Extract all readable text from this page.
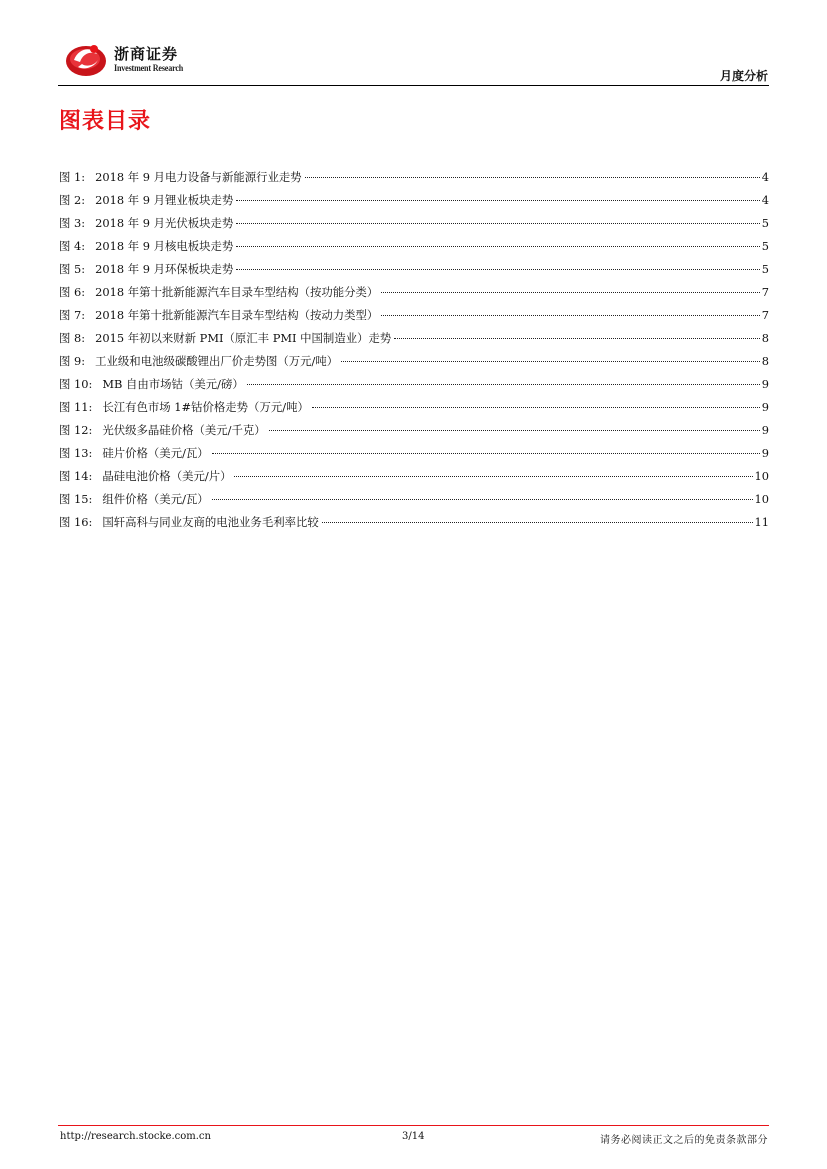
浙商证券
Investment Research
月度分析
图表目录
图 1: 2018 年 9 月电力设备与新能源行业走势	4
图 2: 2018 年 9 月锂业板块走势	4
图 3: 2018 年 9 月光伏板块走势	5
图 4: 2018 年 9 月核电板块走势	5
图 5: 2018 年 9 月环保板块走势	5
图 6: 2018 年第十批新能源汽车目录车型结构（按功能分类）	7
图 7: 2018 年第十批新能源汽车目录车型结构（按动力类型）	7
图 8: 2015 年初以来财新 PMI（原汇丰 PMI 中国制造业）走势	8
图 9: 工业级和电池级碳酸锂出厂价走势图（万元/吨）	8
图 10: MB 自由市场钴（美元/磅）	9
图 11: 长江有色市场 1#钴价格走势（万元/吨）	9
图 12: 光伏级多晶硅价格（美元/千克）	9
图 13: 硅片价格（美元/瓦）	9
图 14: 晶硅电池价格（美元/片）	10
图 15: 组件价格（美元/瓦）	10
图 16: 国轩高科与同业友商的电池业务毛利率比较	11
http://research.stocke.com.cn	3/14	请务必阅读正文之后的免责条款部分
